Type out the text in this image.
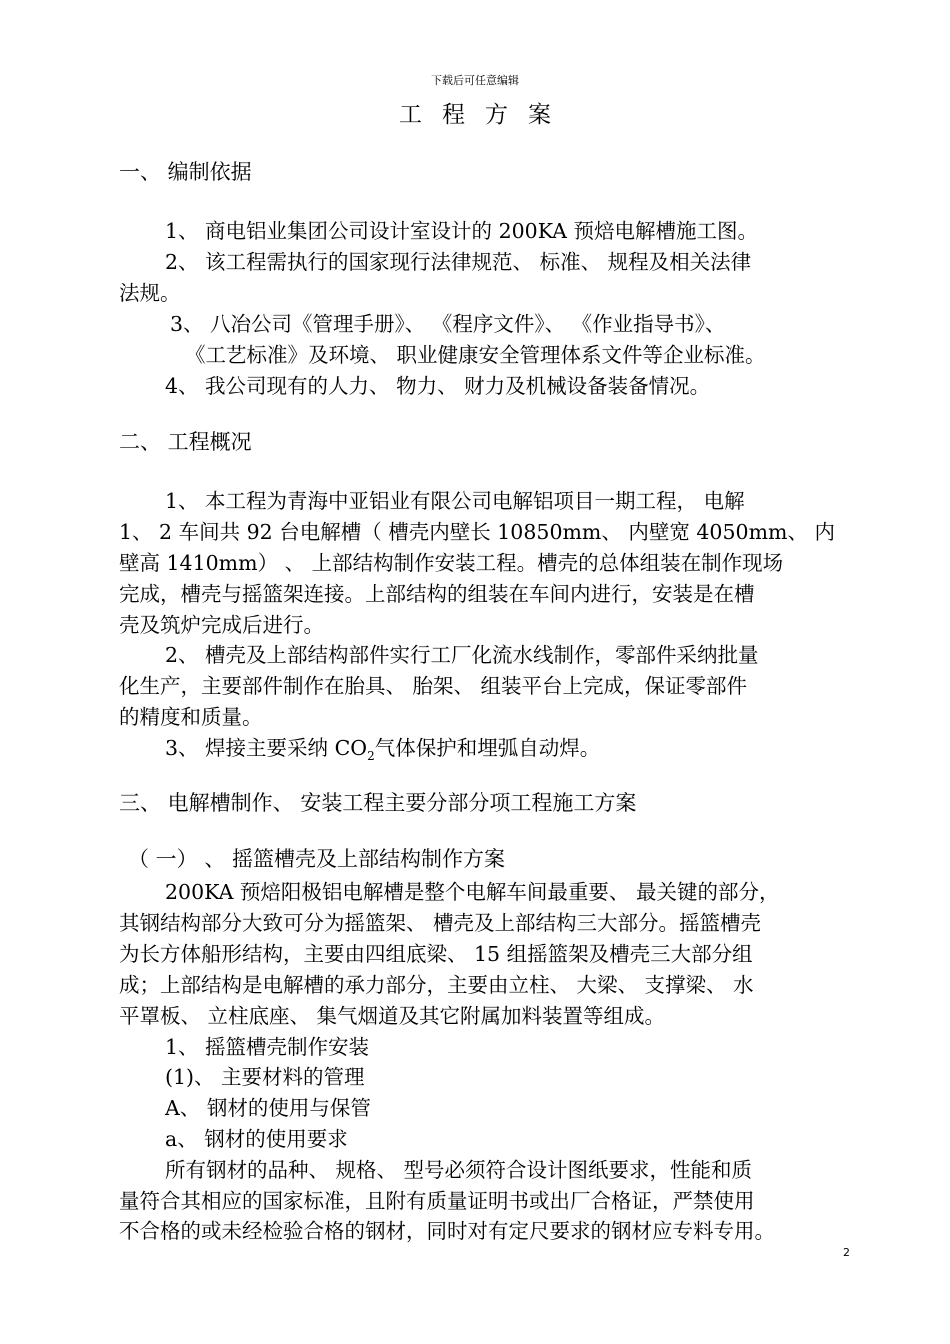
下载后可任意编辑
工程方案
一、 编制依据
1、 商电铝业集团公司设计室设计的 200KA 预焙电解槽施工图。
2、 该工程需执行的国家现行法律规范、 标准、 规程及相关法律
法规。
3、 八冶公司《管理手册》、 《程序文件》、 《作业指导书》、
《工艺标准》及环境、 职业健康安全管理体系文件等企业标准。
4、 我公司现有的人力、 物力、 财力及机械设备装备情况。
二、 工程概况
1、 本工程为青海中亚铝业有限公司电解铝项目一期工程， 电解
1、 2 车间共 92 台电解槽（ 槽壳内壁长 10850mm、 内壁宽 4050mm、 内
壁高 1410mm） 、 上部结构制作安装工程。槽壳的总体组装在制作现场
完成，槽壳与摇篮架连接。上部结构的组装在车间内进行，安装是在槽
壳及筑炉完成后进行。
2、 槽壳及上部结构部件实行工厂化流水线制作，零部件采纳批量
化生产，主要部件制作在胎具、 胎架、 组装平台上完成，保证零部件
的精度和质量。
3、 焊接主要采纳 $CO_2$气体保护和埋弧自动焊。
三、 电解槽制作、 安装工程主要分部分项工程施工方案
（ 一） 、 摇篮槽壳及上部结构制作方案
200KA 预焙阳极铝电解槽是整个电解车间最重要、 最关键的部分，
其钢结构部分大致可分为摇篮架、 槽壳及上部结构三大部分。摇篮槽壳
为长方体船形结构，主要由四组底梁、 15 组摇篮架及槽壳三大部分组
成；上部结构是电解槽的承力部分，主要由立柱、 大梁、 支撑梁、 水
平罩板、 立柱底座、 集气烟道及其它附属加料装置等组成。
1、 摇篮槽壳制作安装
(1)、 主要材料的管理
A、 钢材的使用与保管
a、 钢材的使用要求
所有钢材的品种、 规格、 型号必须符合设计图纸要求，性能和质
量符合其相应的国家标准，且附有质量证明书或出厂合格证，严禁使用
不合格的或未经检验合格的钢材，同时对有定尺要求的钢材应专料专用。
2
